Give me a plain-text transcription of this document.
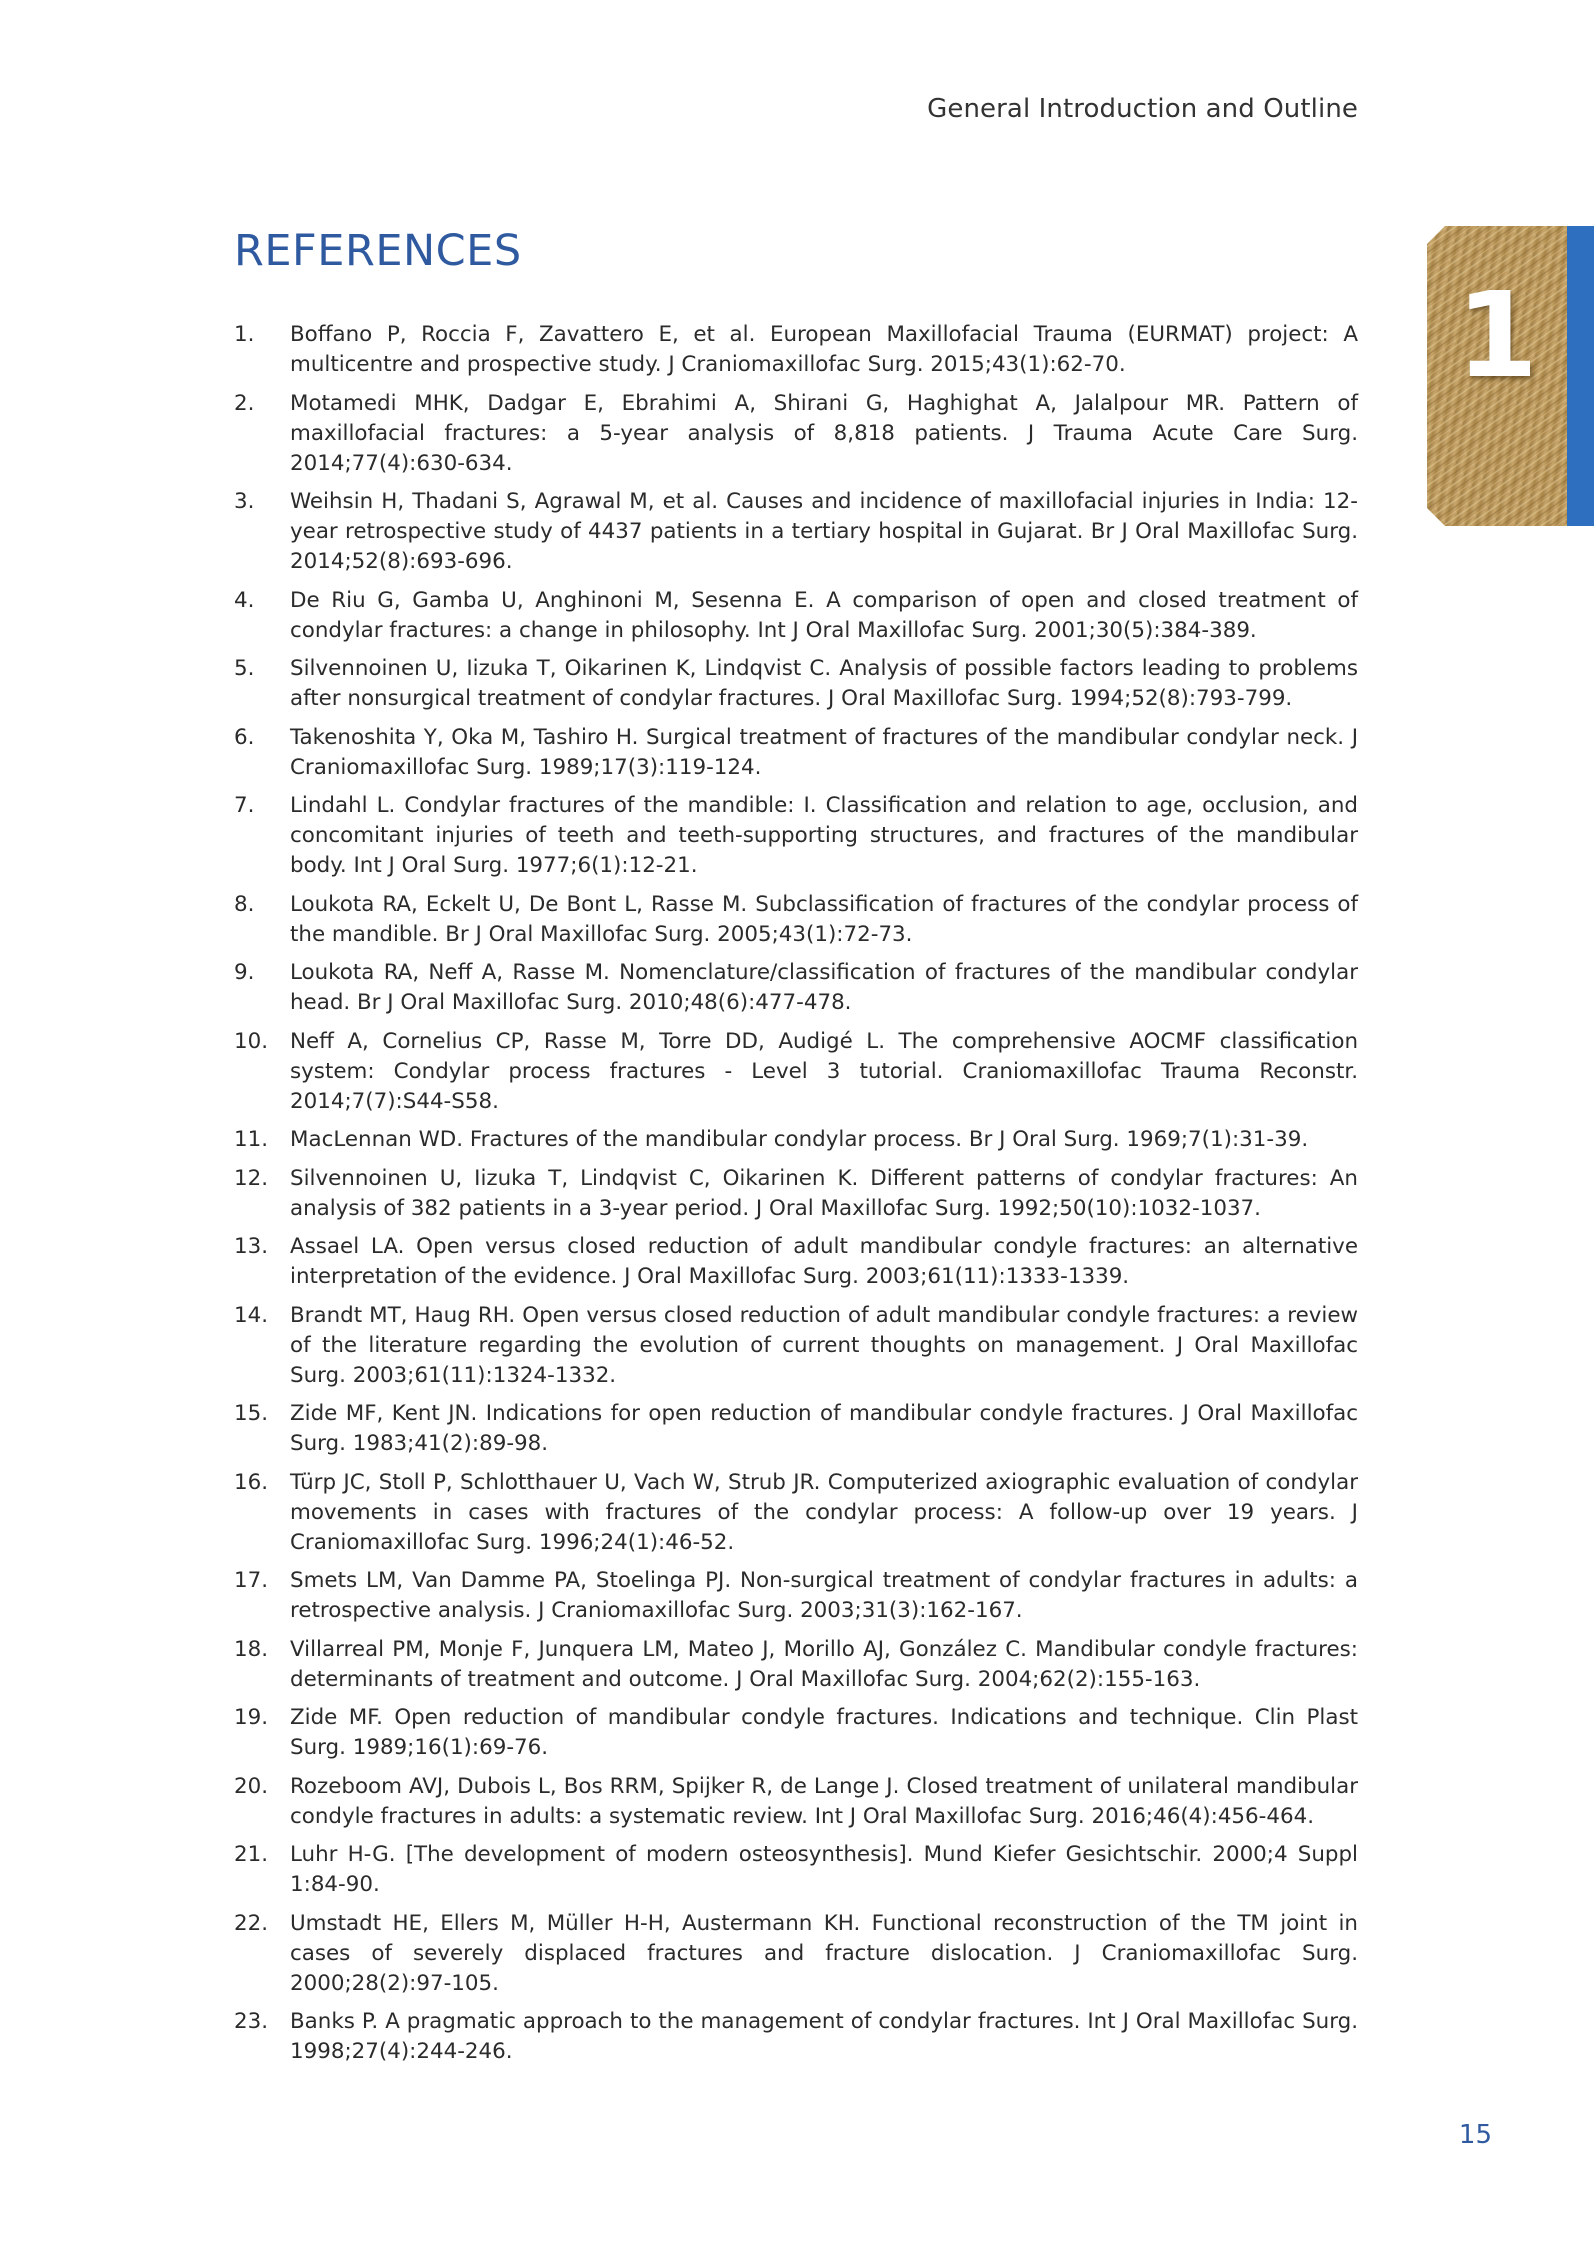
General Introduction and Outline
REFERENCES
1
1.	Boffano P, Roccia F, Zavattero E, et al. European Maxillofacial Trauma (EURMAT) project: A multicentre and prospective study. J Craniomaxillofac Surg. 2015;43(1):62-70.
2.	Motamedi MHK, Dadgar E, Ebrahimi A, Shirani G, Haghighat A, Jalalpour MR. Pattern of maxillofacial fractures: a 5-year analysis of 8,818 patients. J Trauma Acute Care Surg. 2014;77(4):630-634.
3.	Weihsin H, Thadani S, Agrawal M, et al. Causes and incidence of maxillofacial injuries in India: 12-year retrospective study of 4437 patients in a tertiary hospital in Gujarat. Br J Oral Maxillofac Surg. 2014;52(8):693-696.
4.	De Riu G, Gamba U, Anghinoni M, Sesenna E. A comparison of open and closed treatment of condylar fractures: a change in philosophy. Int J Oral Maxillofac Surg. 2001;30(5):384-389.
5.	Silvennoinen U, Iizuka T, Oikarinen K, Lindqvist C. Analysis of possible factors leading to problems after nonsurgical treatment of condylar fractures. J Oral Maxillofac Surg. 1994;52(8):793-799.
6.	Takenoshita Y, Oka M, Tashiro H. Surgical treatment of fractures of the mandibular condylar neck. J Craniomaxillofac Surg. 1989;17(3):119-124.
7.	Lindahl L. Condylar fractures of the mandible: I. Classification and relation to age, occlusion, and concomitant injuries of teeth and teeth-supporting structures, and fractures of the mandibular body. Int J Oral Surg. 1977;6(1):12-21.
8.	Loukota RA, Eckelt U, De Bont L, Rasse M. Subclassification of fractures of the condylar process of the mandible. Br J Oral Maxillofac Surg. 2005;43(1):72-73.
9.	Loukota RA, Neff A, Rasse M. Nomenclature/classification of fractures of the mandibular condylar head. Br J Oral Maxillofac Surg. 2010;48(6):477-478.
10.	Neff A, Cornelius CP, Rasse M, Torre DD, Audigé L. The comprehensive AOCMF classification system: Condylar process fractures - Level 3 tutorial. Craniomaxillofac Trauma Reconstr. 2014;7(7):S44-S58.
11.	MacLennan WD. Fractures of the mandibular condylar process. Br J Oral Surg. 1969;7(1):31-39.
12.	Silvennoinen U, Iizuka T, Lindqvist C, Oikarinen K. Different patterns of condylar fractures: An analysis of 382 patients in a 3-year period. J Oral Maxillofac Surg. 1992;50(10):1032-1037.
13.	Assael LA. Open versus closed reduction of adult mandibular condyle fractures: an alternative interpretation of the evidence. J Oral Maxillofac Surg. 2003;61(11):1333-1339.
14.	Brandt MT, Haug RH. Open versus closed reduction of adult mandibular condyle fractures: a review of the literature regarding the evolution of current thoughts on management. J Oral Maxillofac Surg. 2003;61(11):1324-1332.
15.	Zide MF, Kent JN. Indications for open reduction of mandibular condyle fractures. J Oral Maxillofac Surg. 1983;41(2):89-98.
16.	Türp JC, Stoll P, Schlotthauer U, Vach W, Strub JR. Computerized axiographic evaluation of condylar movements in cases with fractures of the condylar process: A follow-up over 19 years. J Craniomaxillofac Surg. 1996;24(1):46-52.
17.	Smets LM, Van Damme PA, Stoelinga PJ. Non-surgical treatment of condylar fractures in adults: a retrospective analysis. J Craniomaxillofac Surg. 2003;31(3):162-167.
18.	Villarreal PM, Monje F, Junquera LM, Mateo J, Morillo AJ, González C. Mandibular condyle fractures: determinants of treatment and outcome. J Oral Maxillofac Surg. 2004;62(2):155-163.
19.	Zide MF. Open reduction of mandibular condyle fractures. Indications and technique. Clin Plast Surg. 1989;16(1):69-76.
20.	Rozeboom AVJ, Dubois L, Bos RRM, Spijker R, de Lange J. Closed treatment of unilateral mandibular condyle fractures in adults: a systematic review. Int J Oral Maxillofac Surg. 2016;46(4):456-464.
21.	Luhr H-G. [The development of modern osteosynthesis]. Mund Kiefer Gesichtschir. 2000;4 Suppl 1:84-90.
22.	Umstadt HE, Ellers M, Müller H-H, Austermann KH. Functional reconstruction of the TM joint in cases of severely displaced fractures and fracture dislocation. J Craniomaxillofac Surg. 2000;28(2):97-105.
23.	Banks P. A pragmatic approach to the management of condylar fractures. Int J Oral Maxillofac Surg. 1998;27(4):244-246.
15
